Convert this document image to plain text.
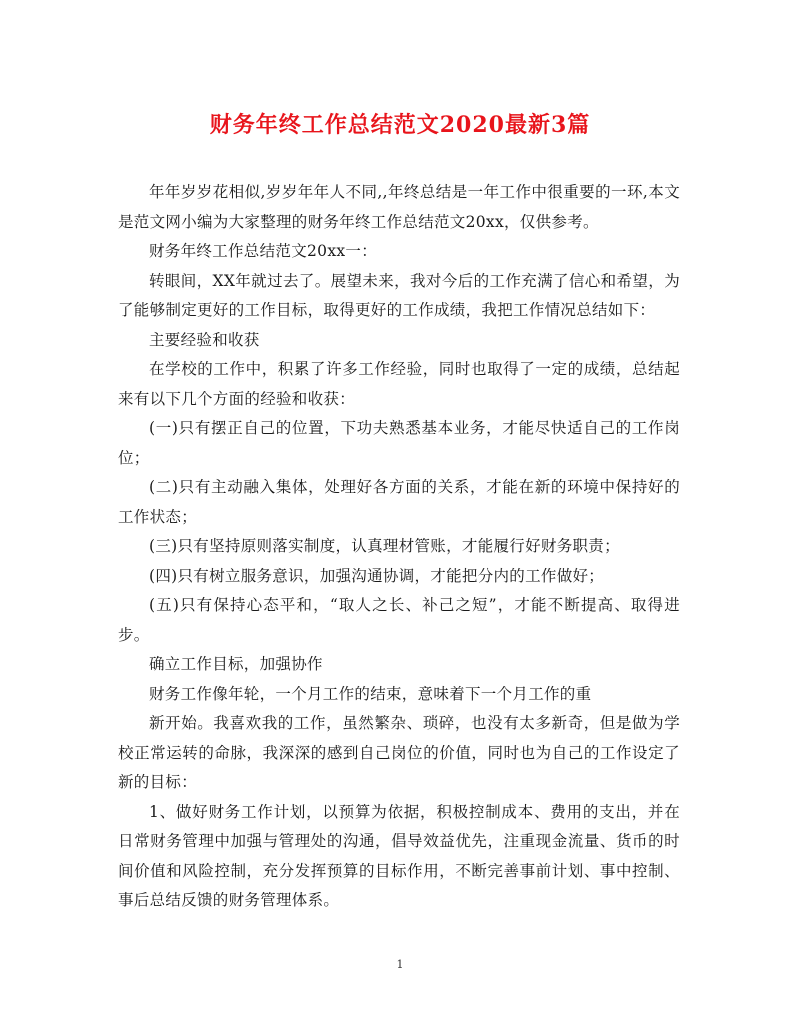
财务年终工作总结范文2020最新3篇

年年岁岁花相似,岁岁年年人不同,,年终总结是一年工作中很重要的一环,本文是范文网小编为大家整理的财务年终工作总结范文20xx，仅供参考。

财务年终工作总结范文20xx一：

转眼间，XX年就过去了。展望未来，我对今后的工作充满了信心和希望，为了能够制定更好的工作目标，取得更好的工作成绩，我把工作情况总结如下：

主要经验和收获

在学校的工作中，积累了许多工作经验，同时也取得了一定的成绩，总结起来有以下几个方面的经验和收获：

(一)只有摆正自己的位置，下功夫熟悉基本业务，才能尽快适自己的工作岗位；

(二)只有主动融入集体，处理好各方面的关系，才能在新的环境中保持好的工作状态；

(三)只有坚持原则落实制度，认真理材管账，才能履行好财务职责；

(四)只有树立服务意识，加强沟通协调，才能把分内的工作做好；

(五)只有保持心态平和，“取人之长、补己之短”，才能不断提高、取得进步。

确立工作目标，加强协作

财务工作像年轮，一个月工作的结束，意味着下一个月工作的重

新开始。我喜欢我的工作，虽然繁杂、琐碎，也没有太多新奇，但是做为学校正常运转的命脉，我深深的感到自己岗位的价值，同时也为自己的工作设定了新的目标：

1、做好财务工作计划，以预算为依据，积极控制成本、费用的支出，并在日常财务管理中加强与管理处的沟通，倡导效益优先，注重现金流量、货币的时间价值和风险控制，充分发挥预算的目标作用，不断完善事前计划、事中控制、事后总结反馈的财务管理体系。

1
